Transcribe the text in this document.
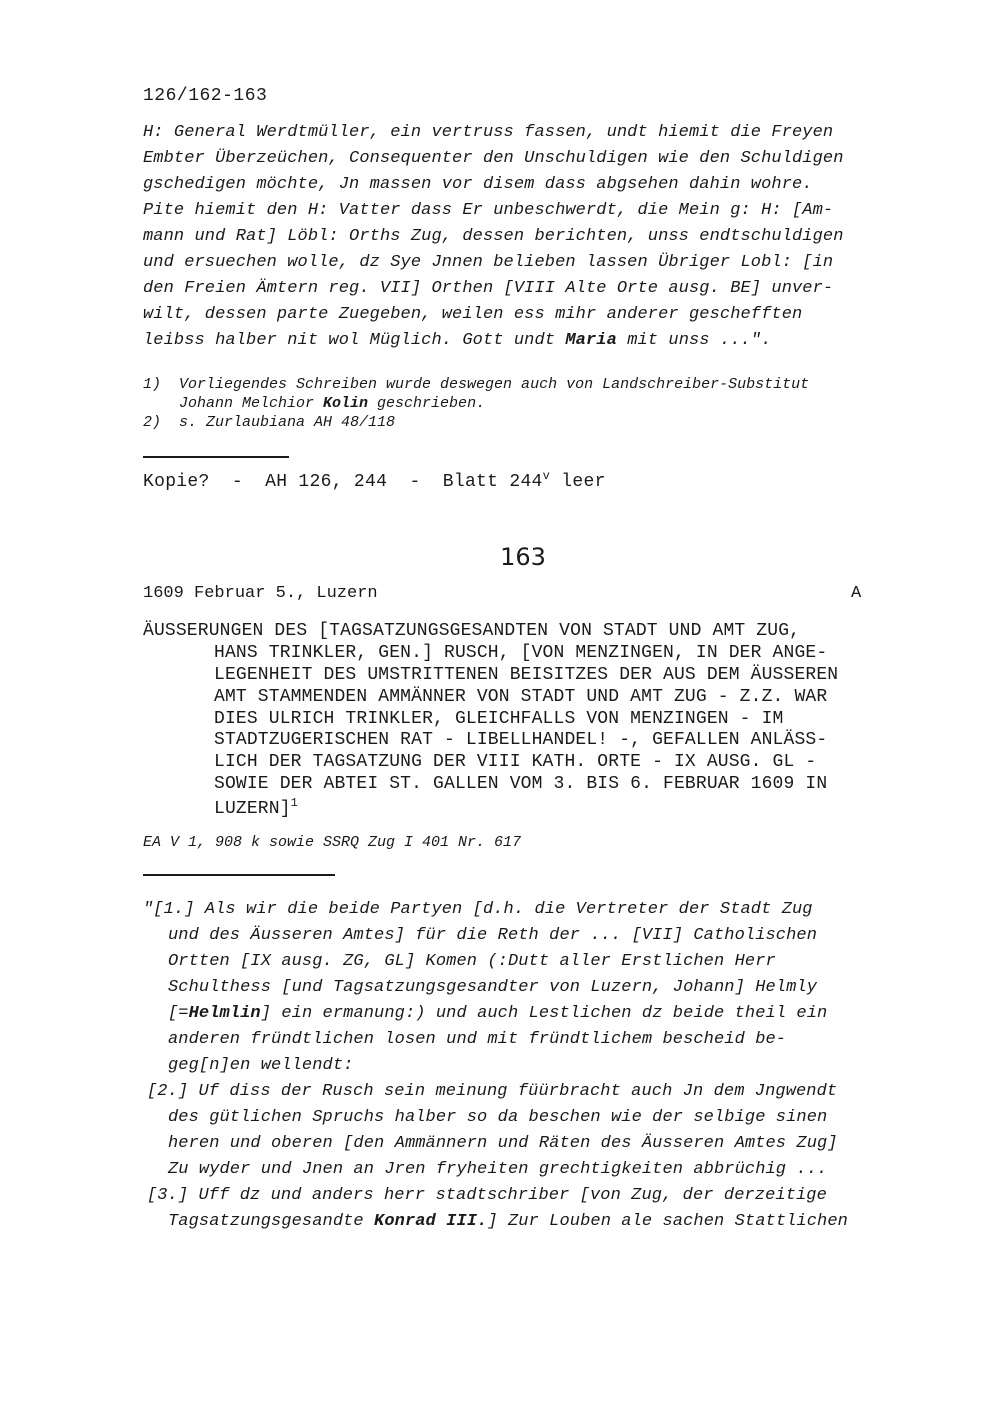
126/162-163
H: General Werdtmüller, ein vertruss fassen, undt hiemit die Freyen
Embter Überzeüchen, Consequenter den Unschuldigen wie den Schuldigen
gschedigen möchte, Jn massen vor disem dass abgsehen dahin wohre.
Pite hiemit den H: Vatter dass Er unbeschwerdt, die Mein g: H: [Am-
mann und Rat] Löbl: Orths Zug, dessen berichten, unss endtschuldigen
und ersuechen wolle, dz Sye Jnnen belieben lassen Übriger Lobl: [in
den Freien Ämtern reg. VII] Orthen [VIII Alte Orte ausg. BE] unver-
wilt, dessen parte Zuegeben, weilen ess mihr anderer geschefften
leibss halber nit wol Müglich. Gott undt Maria mit unss ...".
1)  Vorliegendes Schreiben wurde deswegen auch von Landschreiber-Substitut
Johann Melchior Kolin geschrieben.
2)  s. Zurlaubiana AH 48/118
Kopie?  -  AH 126, 244  -  Blatt 244$^v$ leer
163
1609 Februar 5., Luzern	A
ÄUSSERUNGEN DES [TAGSATZUNGSGESANDTEN VON STADT UND AMT ZUG,
HANS TRINKLER, GEN.] RUSCH, [VON MENZINGEN, IN DER ANGE-
LEGENHEIT DES UMSTRITTENEN BEISITZES DER AUS DEM ÄUSSEREN
AMT STAMMENDEN AMMÄNNER VON STADT UND AMT ZUG - Z.Z. WAR
DIES ULRICH TRINKLER, GLEICHFALLS VON MENZINGEN - IM
STADTZUGERISCHEN RAT - LIBELLHANDEL! -, GEFALLEN ANLÄSS-
LICH DER TAGSATZUNG DER VIII KATH. ORTE - IX AUSG. GL -
SOWIE DER ABTEI ST. GALLEN VOM 3. BIS 6. FEBRUAR 1609 IN
LUZERN]$^1$
EA V 1, 908 k sowie SSRQ Zug I 401 Nr. 617
"[1.] Als wir die beide Partyen [d.h. die Vertreter der Stadt Zug
und des Äusseren Amtes] für die Reth der ... [VII] Catholischen
Ortten [IX ausg. ZG, GL] Komen (:Dutt aller Erstlichen Herr
Schulthess [und Tagsatzungsgesandter von Luzern, Johann] Helmly
[=Helmlin] ein ermanung:) und auch Lestlichen dz beide theil ein
anderen fründtlichen losen und mit fründtlichem bescheid be-
geg[n]en wellendt:
[2.] Uf diss der Rusch sein meinung füürbracht auch Jn dem Jngwendt
des gütlichen Spruchs halber so da beschen wie der selbige sinen
heren und oberen [den Ammännern und Räten des Äusseren Amtes Zug]
Zu wyder und Jnen an Jren fryheiten grechtigkeiten abbrüchig ...
[3.] Uff dz und anders herr stadtschriber [von Zug, der derzeitige
Tagsatzungsgesandte Konrad III.] Zur Louben ale sachen Stattlichen
